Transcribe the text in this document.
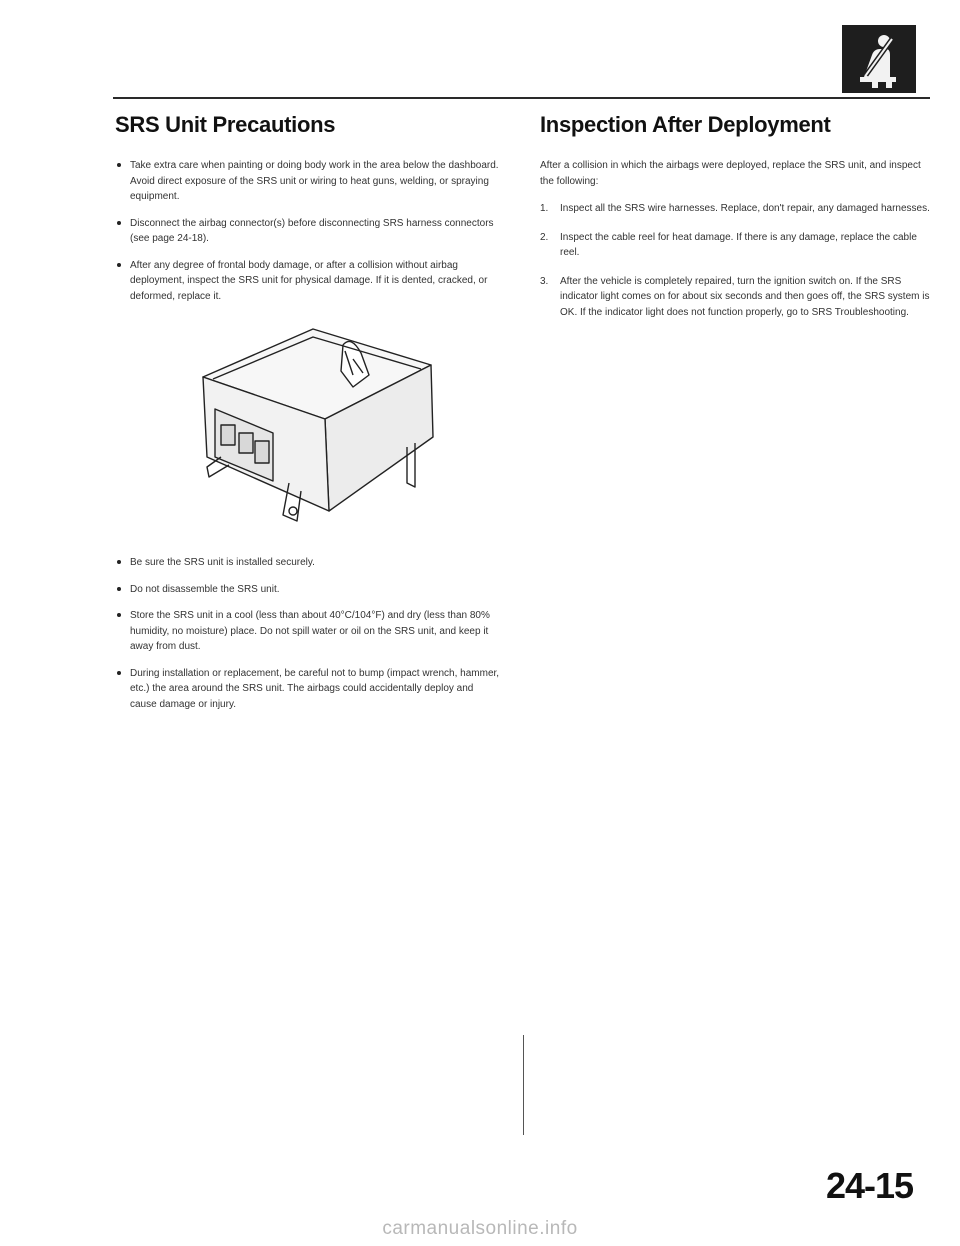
SRS Unit Precautions
Take extra care when painting or doing body work in the area below the dashboard. Avoid direct exposure of the SRS unit or wiring to heat guns, welding, or spraying equipment.
Disconnect the airbag connector(s) before disconnecting SRS harness connectors (see page 24-18).
After any degree of frontal body damage, or after a collision without airbag deployment, inspect the SRS unit for physical damage. If it is dented, cracked, or deformed, replace it.
Be sure the SRS unit is installed securely.
Do not disassemble the SRS unit.
Store the SRS unit in a cool (less than about 40°C/104°F) and dry (less than 80% humidity, no moisture) place. Do not spill water or oil on the SRS unit, and keep it away from dust.
During installation or replacement, be careful not to bump (impact wrench, hammer, etc.) the area around the SRS unit. The airbags could accidentally deploy and cause damage or injury.
Inspection After Deployment

After a collision in which the airbags were deployed, replace the SRS unit, and inspect the following:

1. Inspect all the SRS wire harnesses. Replace, don't repair, any damaged harnesses.
2. Inspect the cable reel for heat damage. If there is any damage, replace the cable reel.
3. After the vehicle is completely repaired, turn the ignition switch on. If the SRS indicator light comes on for about six seconds and then goes off, the SRS system is OK. If the indicator light does not function properly, go to SRS Troubleshooting.
24-15
carmanualsonline.info
